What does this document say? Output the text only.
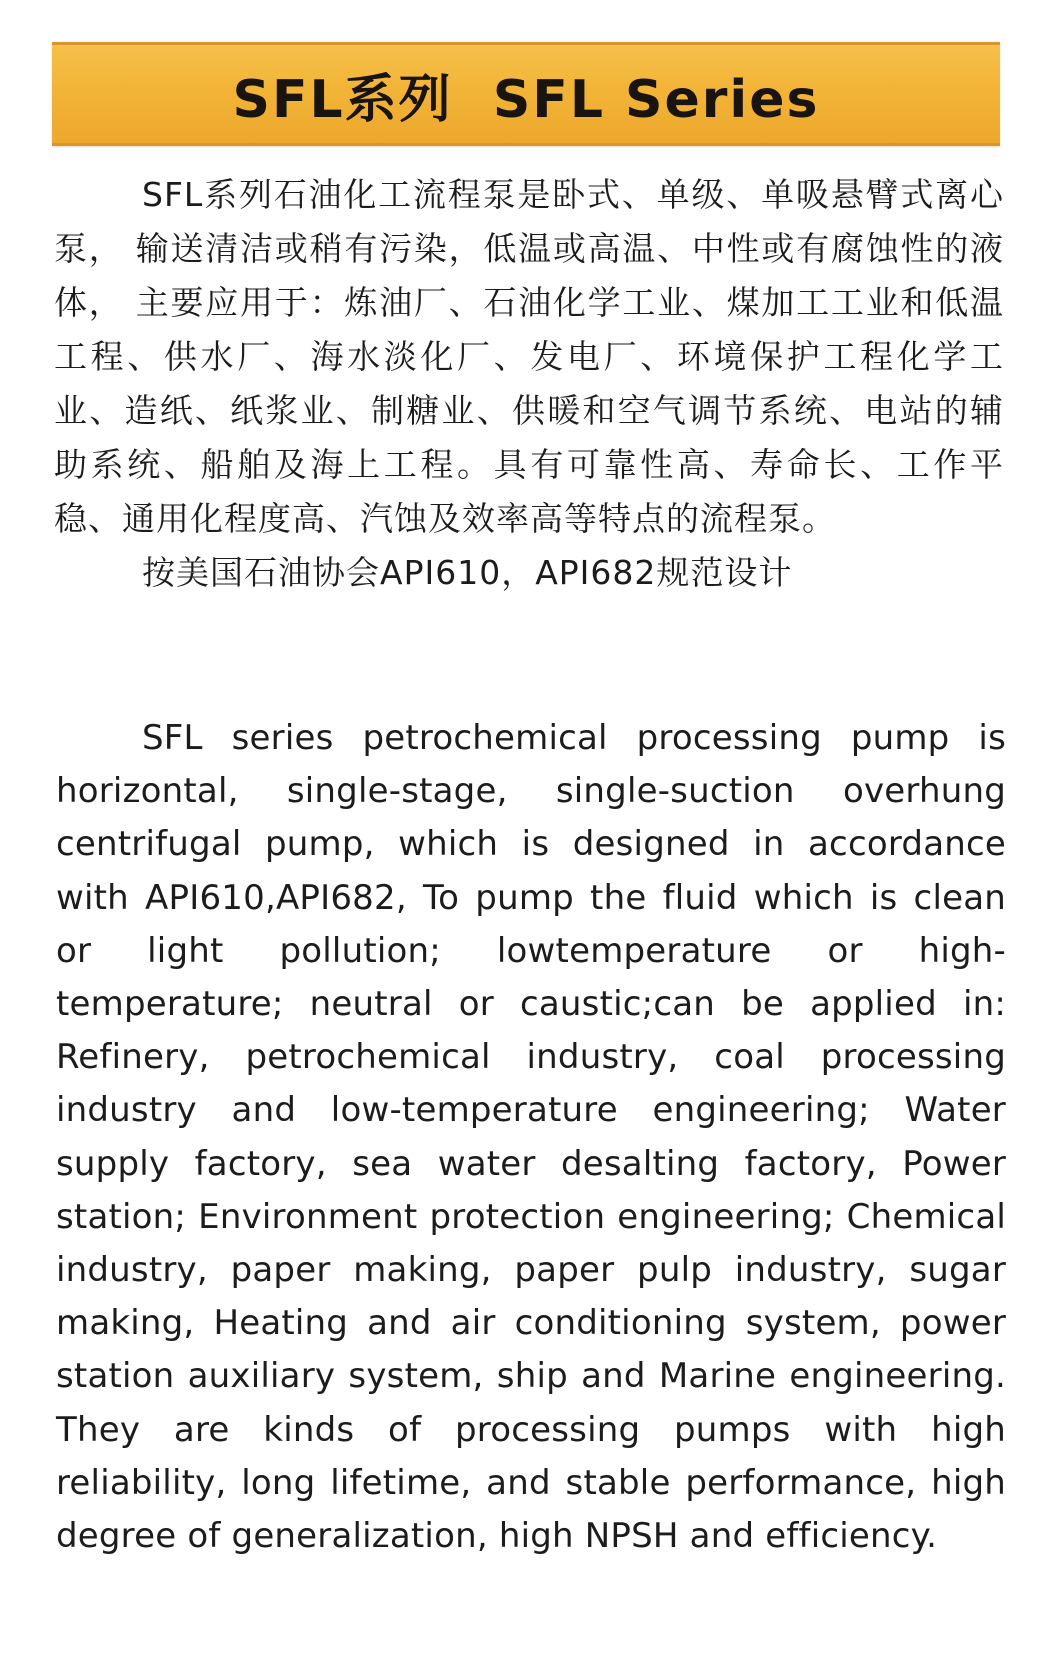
SFL系列  SFL Series

SFL系列石油化工流程泵是卧式、单级、单吸悬臂式离心泵， 输送清洁或稍有污染，低温或高温、中性或有腐蚀性的液体， 主要应用于：炼油厂、石油化学工业、煤加工工业和低温工程、供水厂、海水淡化厂、发电厂、环境保护工程化学工业、造纸、纸浆业、制糖业、供暖和空气调节系统、电站的辅助系统、船舶及海上工程。具有可靠性高、寿命长、工作平稳、通用化程度高、汽蚀及效率高等特点的流程泵。

按美国石油协会API610，API682规范设计

SFL series petrochemical processing pump is horizontal, single-stage, single-suction overhung centrifugal pump, which is designed in accordance with API610,API682, To pump the fluid which is clean or light pollution; lowtemperature or high-temperature; neutral or caustic;can be applied in: Refinery, petrochemical industry, coal processing industry and low-temperature engineering; Water supply factory, sea water desalting factory, Power station; Environment protection engineering; Chemical industry, paper making, paper pulp industry, sugar making, Heating and air conditioning system, power station auxiliary system, ship and Marine engineering. They are kinds of processing pumps with high reliability, long lifetime, and stable performance, high degree of generalization, high NPSH and efficiency.
